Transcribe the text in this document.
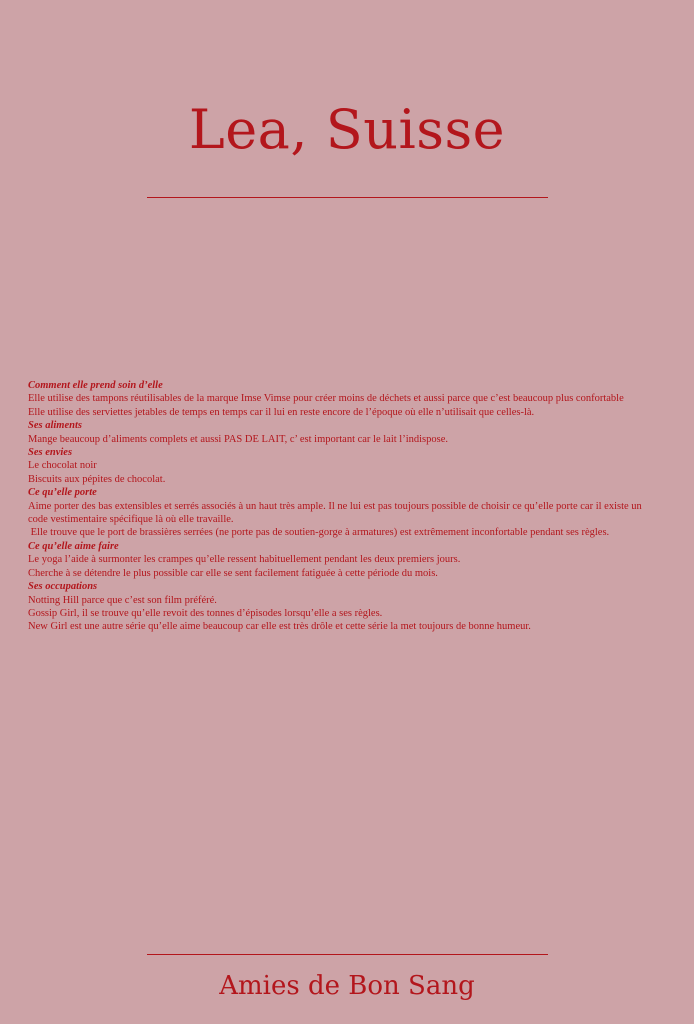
Lea, Suisse
Comment elle prend soin d’elle
Elle utilise des tampons réutilisables de la marque Imse Vimse pour créer moins de déchets et aussi parce que c’est beaucoup plus confortable
Elle utilise des serviettes jetables de temps en temps car il lui en reste encore de l’époque où elle n’utilisait que celles-là.
Ses aliments
Mange beaucoup d’aliments complets et aussi PAS DE LAIT, c’ est important car le lait l’indispose.
Ses envies
Le chocolat noir
Biscuits aux pépites de chocolat.
Ce qu’elle porte
Aime porter des bas extensibles et serrés associés à un haut très ample. Il ne lui est pas toujours possible de choisir ce qu’elle porte car il existe un code vestimentaire spécifique là où elle travaille.
Elle trouve que le port de brassières serrées (ne porte pas de soutien-gorge à armatures) est extrêmement inconfortable pendant ses règles.
Ce qu’elle aime faire
Le yoga l’aide à surmonter les crampes qu’elle ressent habituellement pendant les deux premiers jours.
Cherche à se détendre le plus possible car elle se sent facilement fatiguée à cette période du mois.
Ses occupations
Notting Hill parce que c’est son film préféré.
Gossip Girl, il se trouve qu’elle revoit des tonnes d’épisodes lorsqu’elle a ses règles.
New Girl est une autre série qu’elle aime beaucoup car elle est très drôle et cette série la met toujours de bonne humeur.
Amies de Bon Sang
